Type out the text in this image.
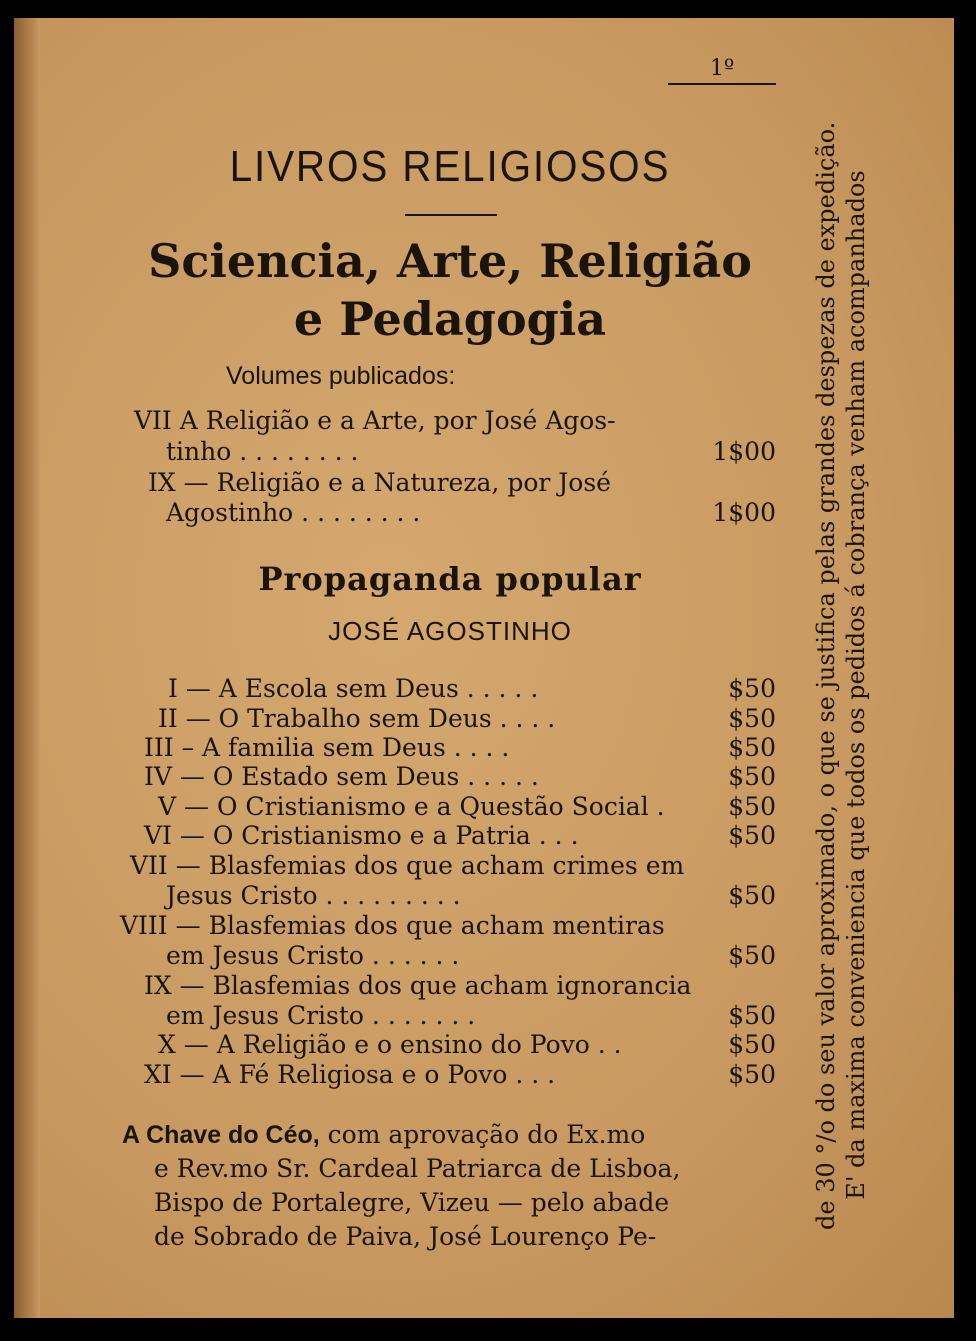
1º
LIVROS RELIGIOSOS
Sciencia, Arte, Religião
e Pedagogia
Volumes publicados:
VII A Religião e a Arte, por José Agos-
tinho . . . . . . . .	1$00
IX — Religião e a Natureza, por José
Agostinho . . . . . . . .	1$00
Propaganda popular
JOSÉ AGOSTINHO
I — A Escola sem Deus . . . . .	$50
II — O Trabalho sem Deus . . . .	$50
III – A familia sem Deus . . . .	$50
IV — O Estado sem Deus . . . . .	$50
V — O Cristianismo e a Questão Social .	$50
VI — O Cristianismo e a Patria . . .	$50
VII — Blasfemias dos que acham crimes em
Jesus Cristo . . . . . . . . .	$50
VIII — Blasfemias dos que acham mentiras
em Jesus Cristo . . . . . .	$50
IX — Blasfemias dos que acham ignorancia
em Jesus Cristo . . . . . . .	$50
X — A Religião e o ensino do Povo . .	$50
XI — A Fé Religiosa e o Povo . . .	$50
A Chave do Céo, com aprovação do Ex.mo
e Rev.mo Sr. Cardeal Patriarca de Lisboa,
Bispo de Portalegre, Vizeu — pelo abade
de Sobrado de Paiva, José Lourenço Pe-
E' da maxima conveniencia que todos os pedidos á cobrança venham acompanhados
de 30 °/o do seu valor aproximado, o que se justifica pelas grandes despezas de expedição.
